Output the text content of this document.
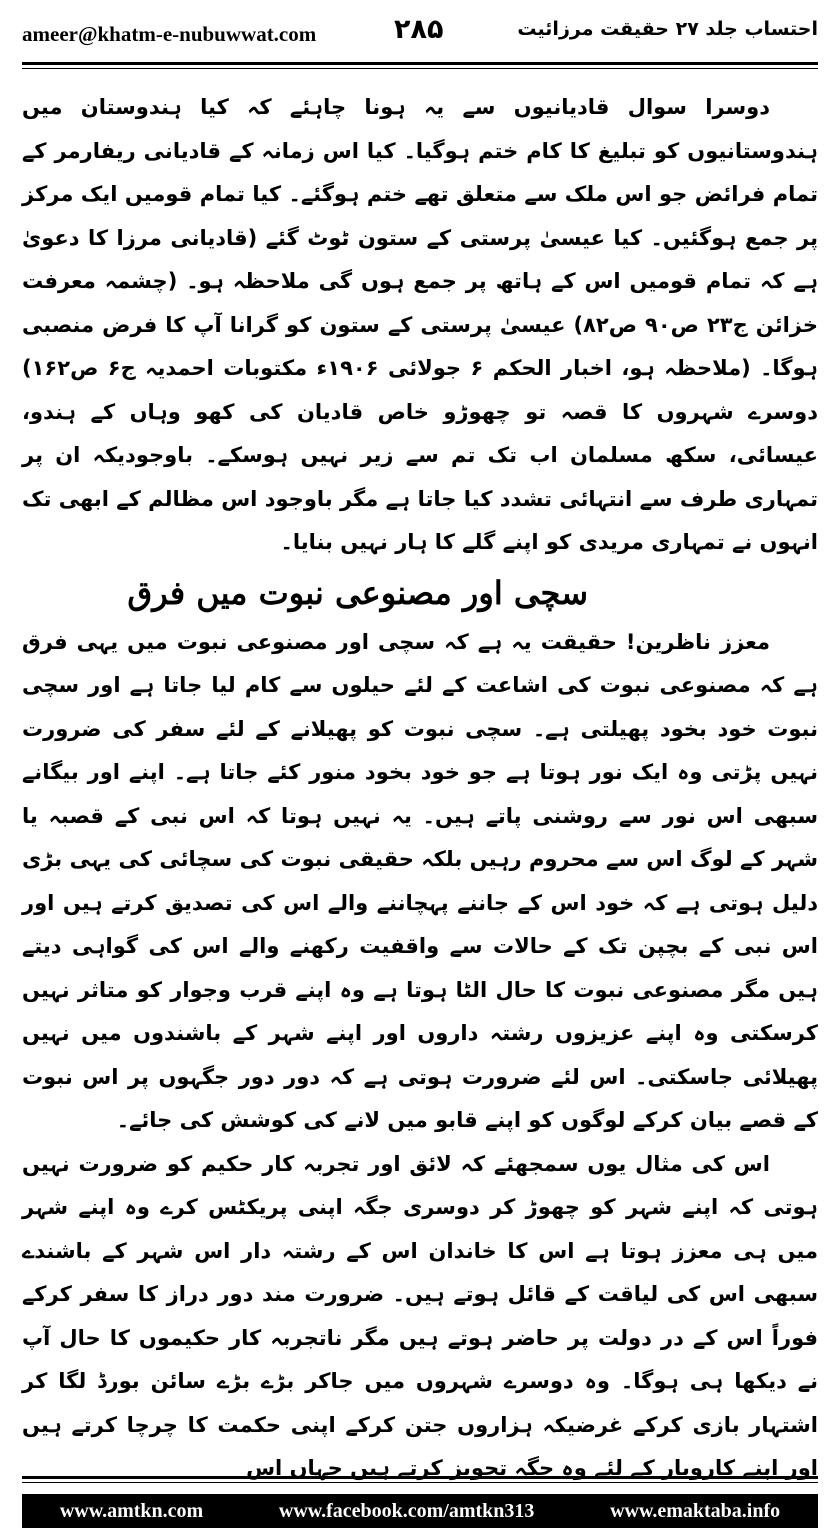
ameer@khatm-e-nubuwwat.com	۲۸۵	احتساب جلد ۲۷ حقیقت مرزائیت

دوسرا سوال قادیانیوں سے یہ ہونا چاہئے کہ کیا ہندوستان میں ہندوستانیوں کو تبلیغ کا کام ختم ہوگیا۔ کیا اس زمانہ کے قادیانی ریفارمر کے تمام فرائض جو اس ملک سے متعلق تھے ختم ہوگئے۔ کیا تمام قومیں ایک مرکز پر جمع ہوگئیں۔ کیا عیسیٰ پرستی کے ستون ٹوٹ گئے (قادیانی مرزا کا دعویٰ ہے کہ تمام قومیں اس کے ہاتھ پر جمع ہوں گی ملاحظہ ہو۔ (چشمہ معرفت خزائن ج۲۳ ص۹۰ ص۸۲) عیسیٰ پرستی کے ستون کو گرانا آپ کا فرض منصبی ہوگا۔ (ملاحظہ ہو، اخبار الحکم ۶ جولائی ۱۹۰۶ء مکتوبات احمدیہ ج۶ ص۱۶۲) دوسرے شہروں کا قصہ تو چھوڑو خاص قادیان کی کھو وہاں کے ہندو، عیسائی، سکھ مسلمان اب تک تم سے زیر نہیں ہوسکے۔ باوجودیکہ ان پر تمہاری طرف سے انتہائی تشدد کیا جاتا ہے مگر باوجود اس مظالم کے ابھی تک انہوں نے تمہاری مریدی کو اپنے گلے کا ہار نہیں بنایا۔

سچی اور مصنوعی نبوت میں فرق

معزز ناظرین! حقیقت یہ ہے کہ سچی اور مصنوعی نبوت میں یہی فرق ہے کہ مصنوعی نبوت کی اشاعت کے لئے حیلوں سے کام لیا جاتا ہے اور سچی نبوت خود بخود پھیلتی ہے۔ سچی نبوت کو پھیلانے کے لئے سفر کی ضرورت نہیں پڑتی وہ ایک نور ہوتا ہے جو خود بخود منور کئے جاتا ہے۔ اپنے اور بیگانے سبھی اس نور سے روشنی پاتے ہیں۔ یہ نہیں ہوتا کہ اس نبی کے قصبہ یا شہر کے لوگ اس سے محروم رہیں بلکہ حقیقی نبوت کی سچائی کی یہی بڑی دلیل ہوتی ہے کہ خود اس کے جاننے پہچاننے والے اس کی تصدیق کرتے ہیں اور اس نبی کے بچپن تک کے حالات سے واقفیت رکھنے والے اس کی گواہی دیتے ہیں مگر مصنوعی نبوت کا حال الٹا ہوتا ہے وہ اپنے قرب وجوار کو متاثر نہیں کرسکتی وہ اپنے عزیزوں رشتہ داروں اور اپنے شہر کے باشندوں میں نہیں پھیلائی جاسکتی۔ اس لئے ضرورت ہوتی ہے کہ دور دور جگہوں پر اس نبوت کے قصے بیان کرکے لوگوں کو اپنے قابو میں لانے کی کوشش کی جائے۔

اس کی مثال یوں سمجھئے کہ لائق اور تجربہ کار حکیم کو ضرورت نہیں ہوتی کہ اپنے شہر کو چھوڑ کر دوسری جگہ اپنی پریکٹس کرے وہ اپنے شہر میں ہی معزز ہوتا ہے اس کا خاندان اس کے رشتہ دار اس شہر کے باشندے سبھی اس کی لیاقت کے قائل ہوتے ہیں۔ ضرورت مند دور دراز کا سفر کرکے فوراً اس کے در دولت پر حاضر ہوتے ہیں مگر ناتجربہ کار حکیموں کا حال آپ نے دیکھا ہی ہوگا۔ وہ دوسرے شہروں میں جاکر بڑے بڑے سائن بورڈ لگا کر اشتہار بازی کرکے غرضیکہ ہزاروں جتن کرکے اپنی حکمت کا چرچا کرتے ہیں اور اپنے کاروبار کے لئے وہ جگہ تجویز کرتے ہیں جہاں اس

www.amtkn.com	www.facebook.com/amtkn313	www.emaktaba.info
